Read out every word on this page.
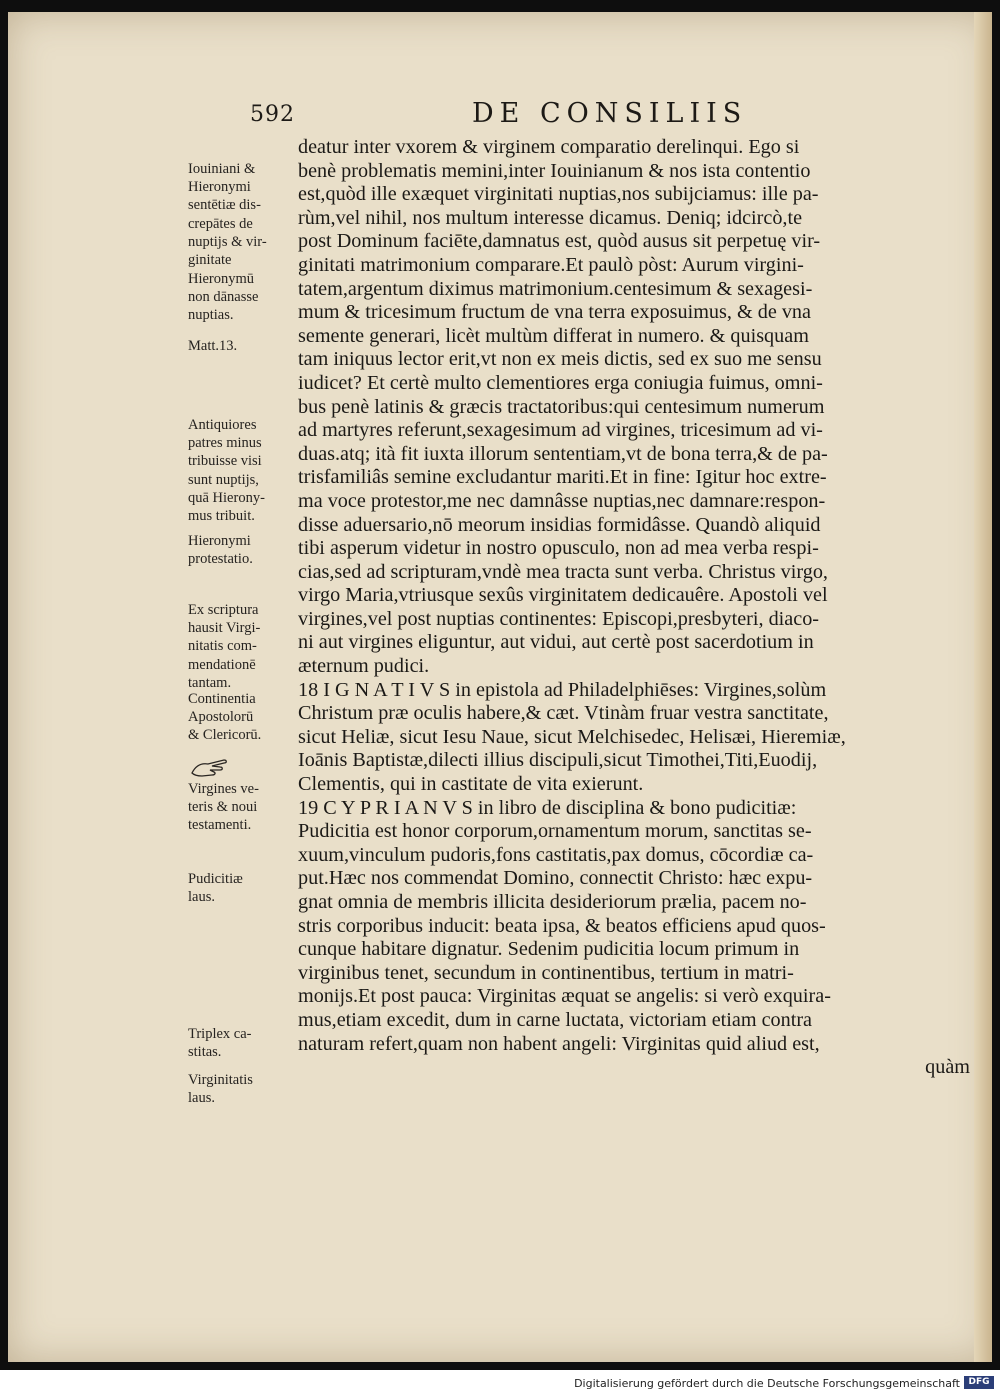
592	DE CONSILIIS
Iouiniani &
Hieronymi
sentētiæ dis-
crepātes de
nuptijs & vir-
ginitate
Hieronymū
non dānasse
nuptias.
Matt.13.
Antiquiores
patres minus
tribuisse visi
sunt nuptijs,
quā Hierony-
mus tribuit.
Hieronymi
protestatio.
Ex scriptura
hausit Virgi-
nitatis com-
mendationē
tantam.
Continentia
Apostolorū
& Clericorū.
Virgines ve-
teris & noui
testamenti.
Pudicitiæ
laus.
Triplex ca-
stitas.
Virginitatis
laus.
deatur inter vxorem & virginem comparatio derelinqui. Ego si
benè problematis memini,inter Iouinianum & nos ista contentio
est,quòd ille exæquet virginitati nuptias,nos subijciamus: ille pa-
rùm,vel nihil, nos multum interesse dicamus. Deniq; idcircò,te
post Dominum faciēte,damnatus est, quòd ausus sit perpetuę vir-
ginitati matrimonium comparare.Et paulò pòst: Aurum virgini-
tatem,argentum diximus matrimonium.centesimum & sexagesi-
mum & tricesimum fructum de vna terra exposuimus, & de vna
semente generari, licèt multùm differat in numero. & quisquam
tam iniquus lector erit,vt non ex meis dictis, sed ex suo me sensu
iudicet? Et certè multo clementiores erga coniugia fuimus, omni-
bus penè latinis & græcis tractatoribus:qui centesimum numerum
ad martyres referunt,sexagesimum ad virgines, tricesimum ad vi-
duas.atq; ità fit iuxta illorum sententiam,vt de bona terra,& de pa-
trisfamiliâs semine excludantur mariti.Et in fine: Igitur hoc extre-
ma voce protestor,me nec damnâsse nuptias,nec damnare:respon-
disse aduersario,nō meorum insidias formidâsse. Quandò aliquid
tibi asperum videtur in nostro opusculo, non ad mea verba respi-
cias,sed ad scripturam,vndè mea tracta sunt verba. Christus virgo,
virgo Maria,vtriusque sexûs virginitatem dedicauêre. Apostoli vel
virgines,vel post nuptias continentes: Episcopi,presbyteri, diaco-
ni aut virgines eliguntur, aut vidui, aut certè post sacerdotium in
æternum pudici.
18 I G N A T I V S in epistola ad Philadelphiēses: Virgines,solùm
Christum præ oculis habere,& cæt. Vtinàm fruar vestra sanctitate,
sicut Heliæ, sicut Iesu Naue, sicut Melchisedec, Helisæi, Hieremiæ,
Ioānis Baptistæ,dilecti illius discipuli,sicut Timothei,Titi,Euodij,
Clementis, qui in castitate de vita exierunt.
19 C Y P R I A N V S in libro de disciplina & bono pudicitiæ:
Pudicitia est honor corporum,ornamentum morum, sanctitas se-
xuum,vinculum pudoris,fons castitatis,pax domus, cōcordiæ ca-
put.Hæc nos commendat Domino, connectit Christo: hæc expu-
gnat omnia de membris illicita desideriorum prælia, pacem no-
stris corporibus inducit: beata ipsa, & beatos efficiens apud quos-
cunque habitare dignatur. Sedenim pudicitia locum primum in
virginibus tenet, secundum in continentibus, tertium in matri-
monijs.Et post pauca: Virginitas æquat se angelis: si verò exquira-
mus,etiam excedit, dum in carne luctata, victoriam etiam contra
naturam refert,quam non habent angeli: Virginitas quid aliud est,
quàm
Digitalisierung gefördert durch die Deutsche Forschungsgemeinschaft DFG
